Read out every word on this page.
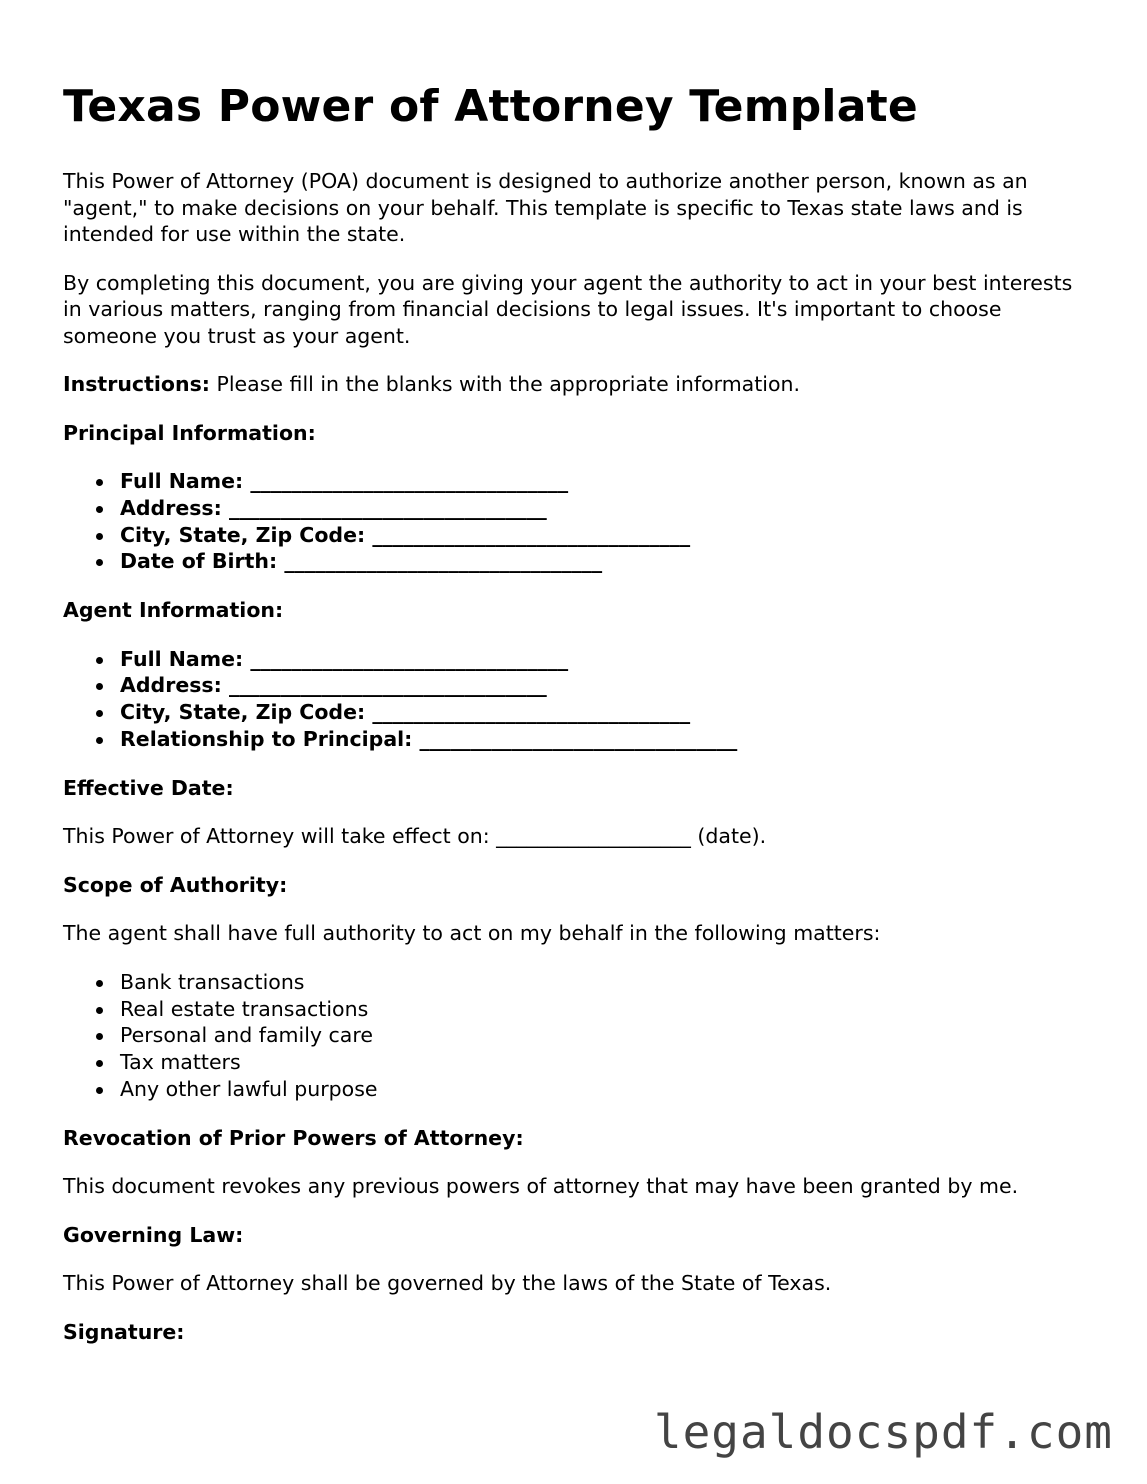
Texas Power of Attorney Template

This Power of Attorney (POA) document is designed to authorize another person, known as an "agent," to make decisions on your behalf. This template is specific to Texas state laws and is intended for use within the state.

By completing this document, you are giving your agent the authority to act in your best interests in various matters, ranging from financial decisions to legal issues. It's important to choose someone you trust as your agent.

Instructions: Please fill in the blanks with the appropriate information.

Principal Information:
Full Name: _______________________________
Address: _______________________________
City, State, Zip Code: _______________________________
Date of Birth: _______________________________
Agent Information:
Full Name: _______________________________
Address: _______________________________
City, State, Zip Code: _______________________________
Relationship to Principal: _______________________________
Effective Date:

This Power of Attorney will take effect on: ___________________ (date).

Scope of Authority:

The agent shall have full authority to act on my behalf in the following matters:

Bank transactions
Real estate transactions
Personal and family care
Tax matters
Any other lawful purpose
Revocation of Prior Powers of Attorney:

This document revokes any previous powers of attorney that may have been granted by me.

Governing Law:

This Power of Attorney shall be governed by the laws of the State of Texas.

Signature:
legaldocspdf.com
